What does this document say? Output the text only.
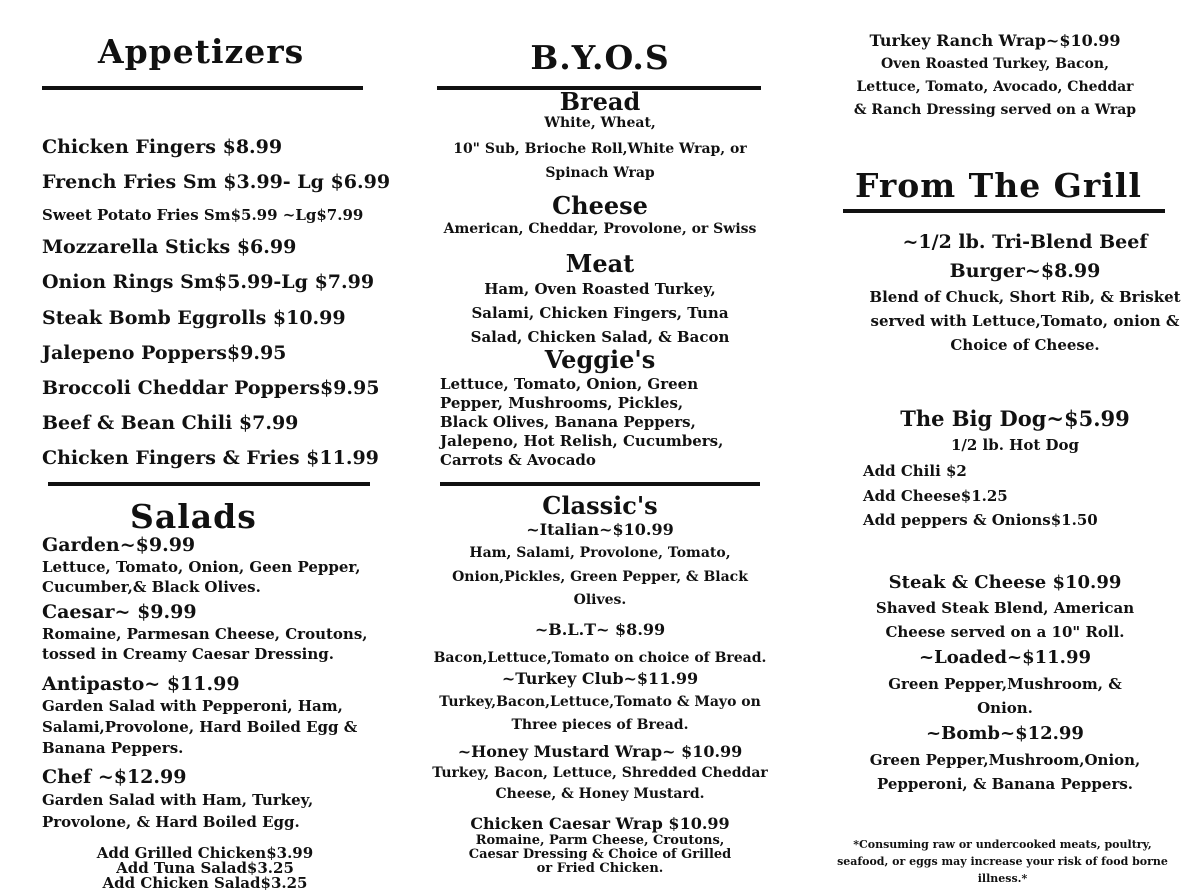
Appetizers
Chicken Fingers $8.99
French Fries Sm $3.99- Lg $6.99
Sweet Potato Fries Sm$5.99 ~Lg$7.99
Mozzarella Sticks $6.99
Onion Rings Sm$5.99-Lg $7.99
Steak Bomb Eggrolls $10.99
Jalepeno Poppers$9.95
Broccoli Cheddar Poppers$9.95
Beef & Bean Chili $7.99
Chicken Fingers & Fries $11.99
Salads
Garden~$9.99
Lettuce, Tomato, Onion, Geen Pepper,
Cucumber,& Black Olives.
Caesar~ $9.99
Romaine, Parmesan Cheese, Croutons,
tossed in Creamy Caesar Dressing.
Antipasto~ $11.99
Garden Salad with Pepperoni, Ham,
Salami,Provolone, Hard Boiled Egg &
Banana Peppers.
Chef ~$12.99
Garden Salad with Ham, Turkey,
Provolone, & Hard Boiled Egg.
Add Grilled Chicken$3.99
Add Tuna Salad$3.25
Add Chicken Salad$3.25
B.Y.O.S
Bread
White, Wheat,
10" Sub, Brioche Roll,White Wrap, or
Spinach Wrap
Cheese
American, Cheddar, Provolone, or Swiss
Meat
Ham, Oven Roasted Turkey,
Salami, Chicken Fingers, Tuna
Salad, Chicken Salad, & Bacon
Veggie's
Lettuce, Tomato, Onion, Green
Pepper, Mushrooms, Pickles,
Black Olives, Banana Peppers,
Jalepeno, Hot Relish, Cucumbers,
Carrots & Avocado
Classic's
~Italian~$10.99
Ham, Salami, Provolone, Tomato,
Onion,Pickles, Green Pepper, & Black
Olives.
~B.L.T~ $8.99
Bacon,Lettuce,Tomato on choice of Bread.
~Turkey Club~$11.99
Turkey,Bacon,Lettuce,Tomato & Mayo on
Three pieces of Bread.
~Honey Mustard Wrap~ $10.99
Turkey, Bacon, Lettuce, Shredded Cheddar
Cheese, & Honey Mustard.
Chicken Caesar Wrap $10.99
Romaine, Parm Cheese, Croutons,
Caesar Dressing & Choice of Grilled
or Fried Chicken.
Turkey Ranch Wrap~$10.99
Oven Roasted Turkey, Bacon,
Lettuce, Tomato, Avocado, Cheddar
& Ranch Dressing served on a Wrap
From The Grill
~1/2 lb. Tri-Blend Beef
Burger~$8.99
Blend of Chuck, Short Rib, & Brisket
served with Lettuce,Tomato, onion &
Choice of Cheese.
The Big Dog~$5.99
1/2 lb. Hot Dog
Add Chili $2
Add Cheese$1.25
Add peppers & Onions$1.50
Steak & Cheese $10.99
Shaved Steak Blend, American
Cheese served on a 10" Roll.
~Loaded~$11.99
Green Pepper,Mushroom, &
Onion.
~Bomb~$12.99
Green Pepper,Mushroom,Onion,
Pepperoni, & Banana Peppers.
*Consuming raw or undercooked meats, poultry,
seafood, or eggs may increase your risk of food borne
illness.*
